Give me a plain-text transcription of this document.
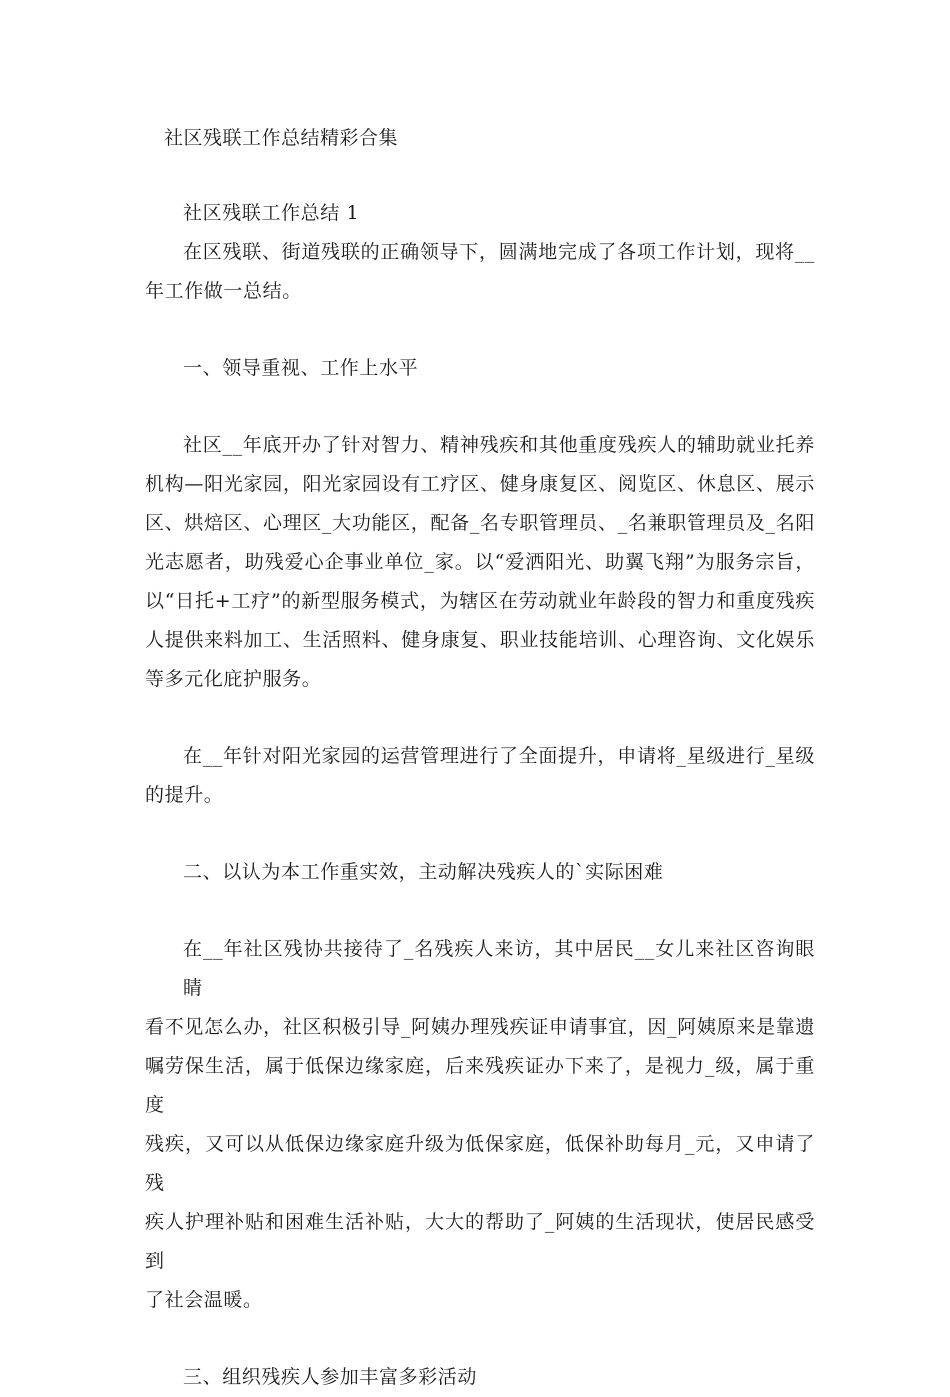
社区残联工作总结精彩合集
社区残联工作总结 1
在区残联、街道残联的正确领导下，圆满地完成了各项工作计划，现将__
年工作做一总结。
一、领导重视、工作上水平
社区__年底开办了针对智力、精神残疾和其他重度残疾人的辅助就业托养
机构—阳光家园，阳光家园设有工疗区、健身康复区、阅览区、休息区、展示
区、烘焙区、心理区_大功能区，配备_名专职管理员、_名兼职管理员及_名阳
光志愿者，助残爱心企事业单位_家。以“爱洒阳光、助翼飞翔”为服务宗旨，
以“日托+工疗”的新型服务模式，为辖区在劳动就业年龄段的智力和重度残疾
人提供来料加工、生活照料、健身康复、职业技能培训、心理咨询、文化娱乐
等多元化庇护服务。
在__年针对阳光家园的运营管理进行了全面提升，申请将_星级进行_星级
的提升。
二、以认为本工作重实效，主动解决残疾人的`实际困难
在__年社区残协共接待了_名残疾人来访，其中居民__女儿来社区咨询眼睛
看不见怎么办，社区积极引导_阿姨办理残疾证申请事宜，因_阿姨原来是靠遗
嘱劳保生活，属于低保边缘家庭，后来残疾证办下来了，是视力_级，属于重度
残疾，又可以从低保边缘家庭升级为低保家庭，低保补助每月_元，又申请了残
疾人护理补贴和困难生活补贴，大大的帮助了_阿姨的生活现状，使居民感受到
了社会温暖。
三、组织残疾人参加丰富多彩活动
